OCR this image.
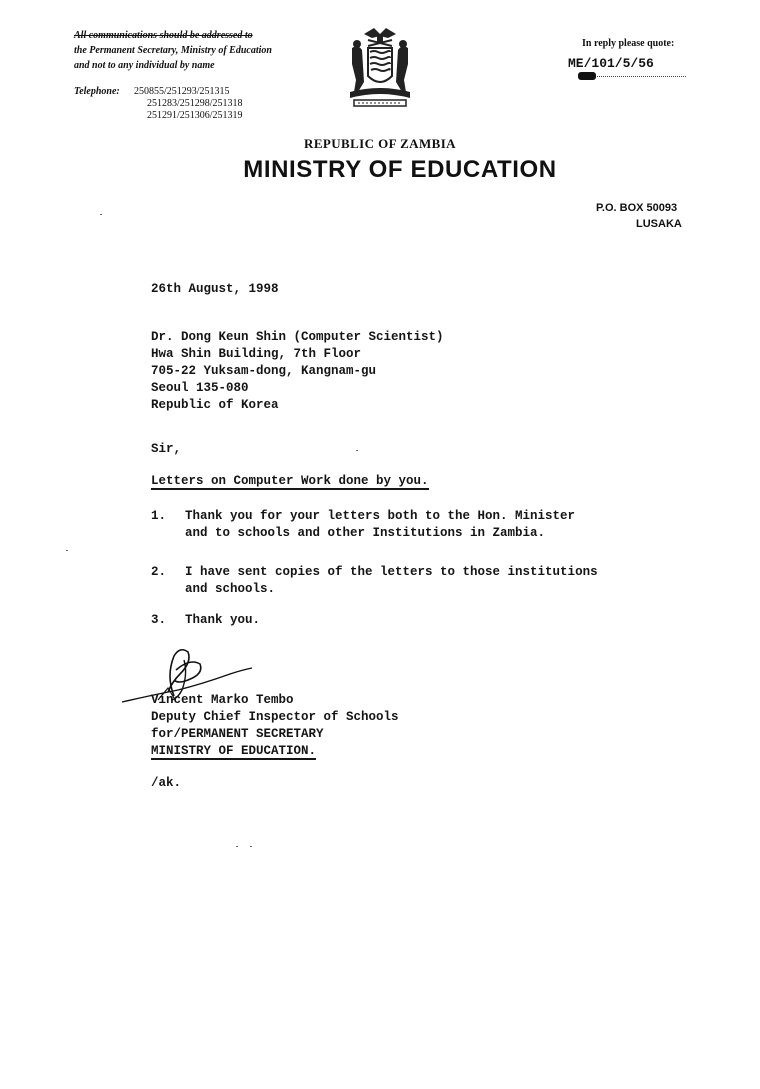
All communications should be addressed to
the Permanent Secretary, Ministry of Education
and not to any individual by name
Telephone: 250855/251293/251315
251283/251298/251318
251291/251306/251319
In reply please quote:
ME/101/5/56
REPUBLIC OF ZAMBIA
MINISTRY OF EDUCATION
P.O. BOX 50093
LUSAKA
26th August, 1998
Dr. Dong Keun Shin (Computer Scientist)
Hwa Shin Building, 7th Floor
705-22 Yuksam-dong, Kangnam-gu
Seoul 135-080
Republic of Korea
Sir,
Letters on Computer Work done by you.
1. Thank you for your letters both to the Hon. Minister
and to schools and other Institutions in Zambia.
2. I have sent copies of the letters to those institutions
and schools.
3. Thank you.
Vincent Marko Tembo
Deputy Chief Inspector of Schools
for/PERMANENT SECRETARY
MINISTRY OF EDUCATION.
/ak.
